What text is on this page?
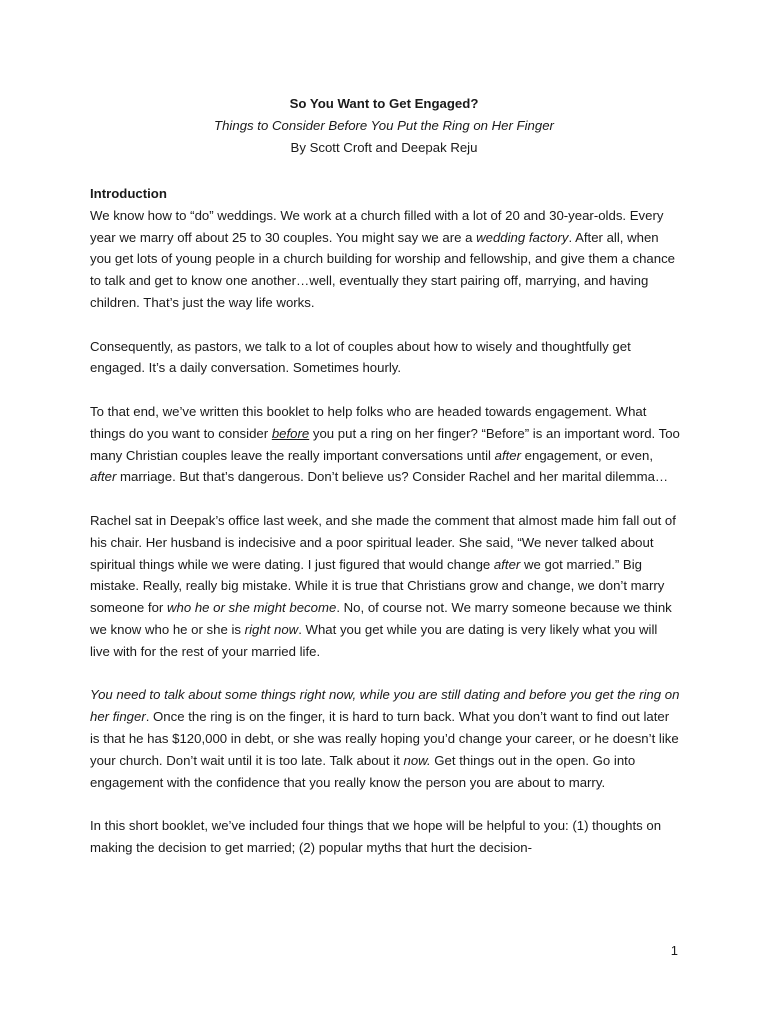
So You Want to Get Engaged?
Things to Consider Before You Put the Ring on Her Finger
By Scott Croft and Deepak Reju
Introduction

We know how to “do” weddings. We work at a church filled with a lot of 20 and 30-year-olds. Every year we marry off about 25 to 30 couples. You might say we are a wedding factory. After all, when you get lots of young people in a church building for worship and fellowship, and give them a chance to talk and get to know one another…well, eventually they start pairing off, marrying, and having children. That’s just the way life works.

Consequently, as pastors, we talk to a lot of couples about how to wisely and thoughtfully get engaged. It’s a daily conversation. Sometimes hourly.

To that end, we’ve written this booklet to help folks who are headed towards engagement. What things do you want to consider before you put a ring on her finger? “Before” is an important word. Too many Christian couples leave the really important conversations until after engagement, or even, after marriage. But that’s dangerous. Don’t believe us? Consider Rachel and her marital dilemma…

Rachel sat in Deepak’s office last week, and she made the comment that almost made him fall out of his chair. Her husband is indecisive and a poor spiritual leader. She said, “We never talked about spiritual things while we were dating. I just figured that would change after we got married.” Big mistake. Really, really big mistake. While it is true that Christians grow and change, we don’t marry someone for who he or she might become. No, of course not. We marry someone because we think we know who he or she is right now. What you get while you are dating is very likely what you will live with for the rest of your married life.

You need to talk about some things right now, while you are still dating and before you get the ring on her finger. Once the ring is on the finger, it is hard to turn back. What you don’t want to find out later is that he has $120,000 in debt, or she was really hoping you’d change your career, or he doesn’t like your church. Don’t wait until it is too late. Talk about it now. Get things out in the open. Go into engagement with the confidence that you really know the person you are about to marry.

In this short booklet, we’ve included four things that we hope will be helpful to you: (1) thoughts on making the decision to get married; (2) popular myths that hurt the decision-

1
